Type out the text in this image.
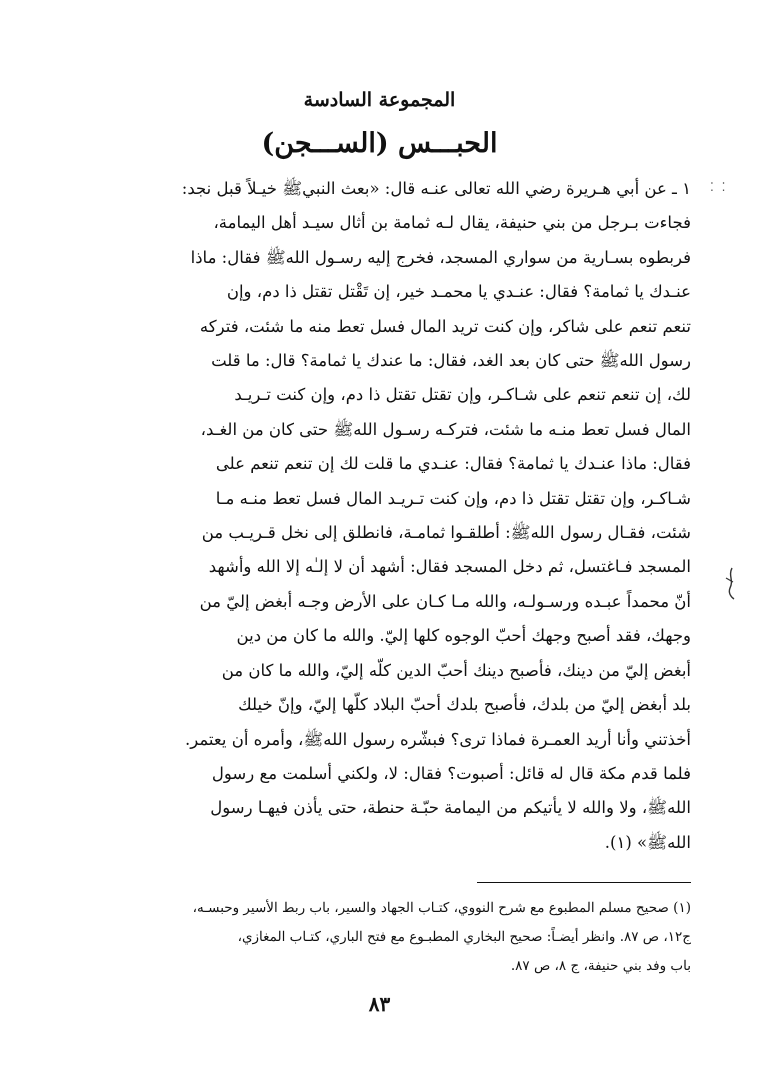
⁚ ⁚
المجموعة السادسة
الحبـــس (الســـجن)
١ ـ عن أبي هـريرة رضي الله تعالى عنـه قال: «بعث النبيﷺ خيـلاً قبل نجد:
فجاءت بـرجل من بني حنيفة، يقال لـه ثمامة بن أثال سيـد أهل اليمامة،
فربطوه بسـارية من سواري المسجد، فخرج إليه رسـول اللهﷺ فقال: ماذا
عنـدك يا ثمامة؟ فقال: عنـدي يا محمـد خير، إن تَقْتل تقتل ذا دم، وإن
تنعم تنعم على شاكر، وإن كنت تريد المال فسل تعط منه ما شئت، فتركه
رسول اللهﷺ حتى كان بعد الغد، فقال: ما عندك يا ثمامة؟ قال: ما قلت
لك، إن تنعم تنعم على شـاكـر، وإن تقتل تقتل ذا دم، وإن كنت تـريـد
المال فسل تعط منـه ما شئت، فتركـه رسـول اللهﷺ حتى كان من الغـد،
فقال: ماذا عنـدك يا ثمامة؟ فقال: عنـدي ما قلت لك إن تنعم تنعم على
شـاكـر، وإن تقتل تقتل ذا دم، وإن كنت تـريـد المال فسل تعط منـه مـا
شئت، فقـال رسول اللهﷺ: أطلقـوا ثمامـة، فانطلق إلى نخل قـريـب من
المسجد فـاغتسل، ثم دخل المسجد فقال: أشهد أن لا إلـٰه إلا الله وأشهد
أنّ محمداً عبـده ورسـولـه، والله مـا كـان على الأرض وجـه أبغض إليّ من
وجهك، فقد أصبح وجهك أحبّ الوجوه كلها إليّ. والله ما كان من دين
أبغض إليّ من دينك، فأصبح دينك أحبّ الدين كلّه إليّ، والله ما كان من
بلد أبغض إليّ من بلدك، فأصبح بلدك أحبّ البلاد كلّها إليّ، وإنّ خيلك
أخذتني وأنا أريد العمـرة فماذا ترى؟ فبشّره رسول اللهﷺ، وأمره أن يعتمر.
فلما قدم مكة قال له قائل: أصبوت؟ فقال: لا، ولكني أسلمت مع رسول
اللهﷺ، ولا والله لا يأتيكم من اليمامة حبّـة حنطة، حتى يأذن فيهـا رسول
اللهﷺ» (١).
(١) صحيح مسلم المطبوع مع شرح النووي، كتـاب الجهاد والسير، باب ربط الأسير وحبسـه،
ج١٢، ص ٨٧. وانظر أيضـاً: صحيح البخاري المطبـوع مع فتح الباري، كتـاب المغازي،
باب وفد بني حنيفة، ج ٨، ص ٨٧.
٨٣
